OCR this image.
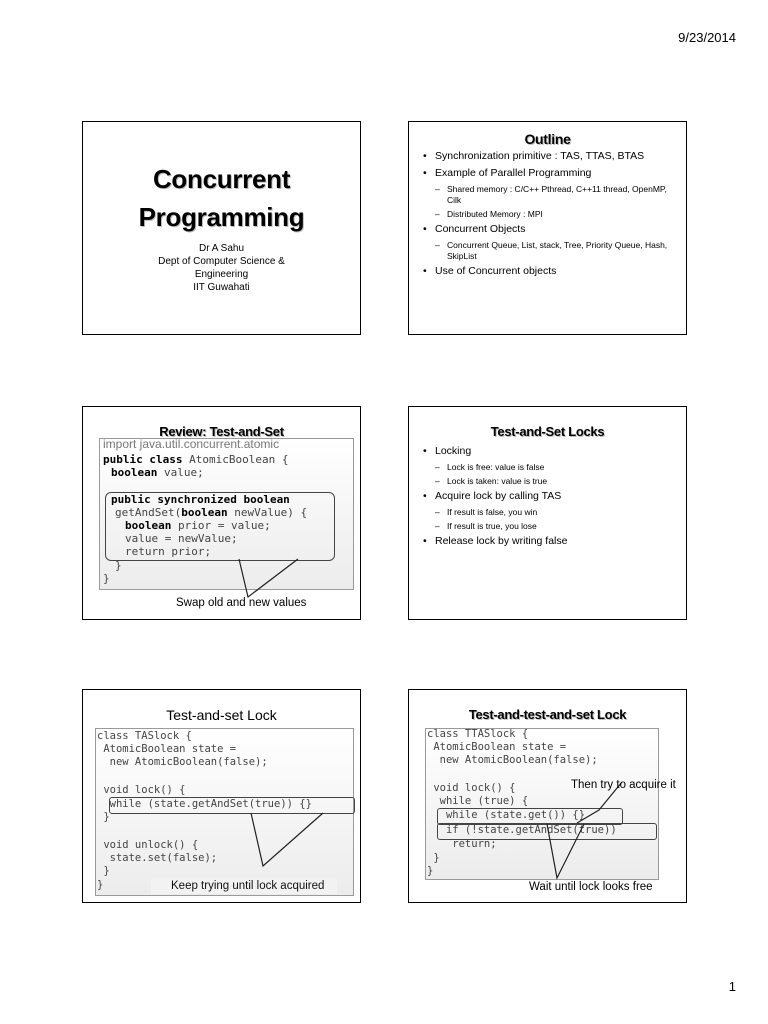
9/23/2014
Concurrent
Programming
Dr A Sahu
Dept of Computer Science &
Engineering
IIT Guwahati
Outline
• Synchronization primitive : TAS, TTAS, BTAS
• Example of Parallel Programming
– Shared memory : C/C++ Pthread, C++11 thread, OpenMP, Cilk
– Distributed Memory : MPI
• Concurrent Objects
– Concurrent Queue, List, stack, Tree, Priority Queue, Hash, SkipList
• Use of Concurrent objects
Review: Test-and-Set
import java.util.concurrent.atomic
public class AtomicBoolean {
boolean value;
public synchronized boolean
getAndSet(boolean newValue) {
boolean prior = value;
value = newValue;
return prior;
}
}
Swap old and new values
Test-and-Set Locks
• Locking
– Lock is free: value is false
– Lock is taken: value is true
• Acquire lock by calling TAS
– If result is false, you win
– If result is true, you lose
• Release lock by writing false
Test-and-set Lock
class TASlock {
AtomicBoolean state =
new AtomicBoolean(false);
void lock() {
while (state.getAndSet(true)) {}
}
void unlock() {
state.set(false);
}
}	Keep trying until lock acquired
Test-and-test-and-set Lock
class TTASlock {
AtomicBoolean state =
new AtomicBoolean(false);
void lock() {
while (true) {
while (state.get()) {}
if (!state.getAndSet(true))
return;
}
}
Then try to acquire it
Wait until lock looks free
1
